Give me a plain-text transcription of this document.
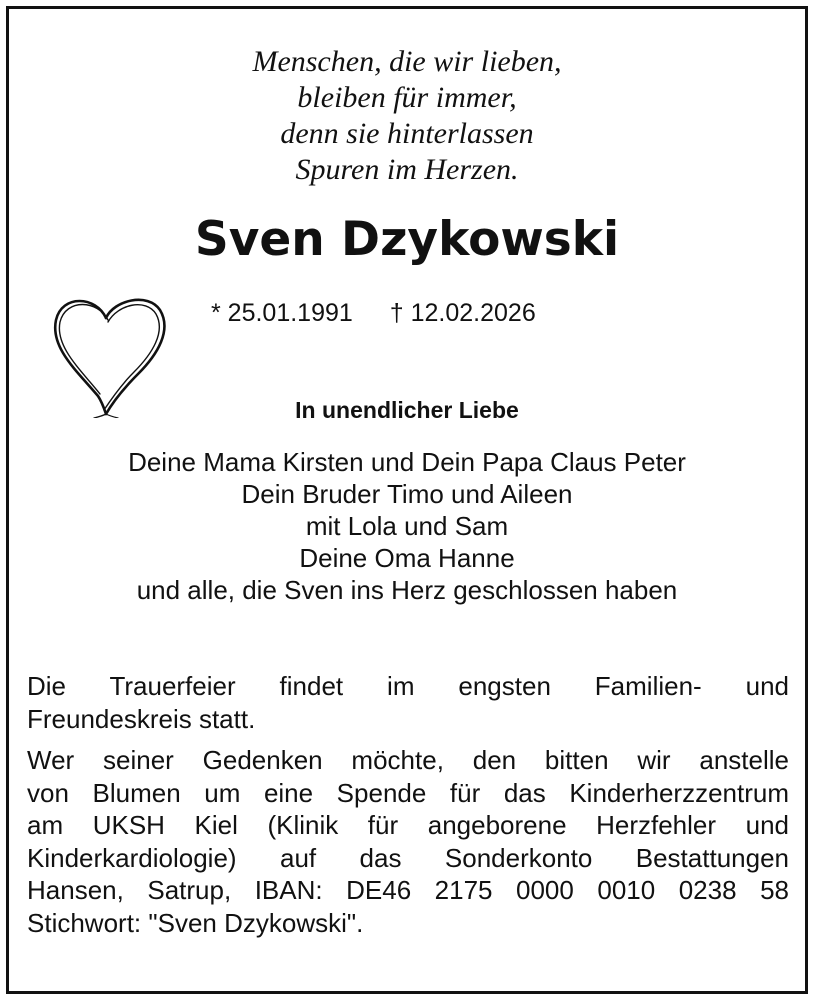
Menschen, die wir lieben,
bleiben für immer,
denn sie hinterlassen
Spuren im Herzen.
Sven Dzykowski
* 25.01.1991 † 12.02.2026
In unendlicher Liebe
Deine Mama Kirsten und Dein Papa Claus Peter
Dein Bruder Timo und Aileen
mit Lola und Sam
Deine Oma Hanne
und alle, die Sven ins Herz geschlossen haben
Die Trauerfeier findet im engsten Familien- und
Freundeskreis statt.
Wer seiner Gedenken möchte, den bitten wir anstelle
von Blumen um eine Spende für das Kinderherzzentrum
am UKSH Kiel (Klinik für angeborene Herzfehler und
Kinderkardiologie) auf das Sonderkonto Bestattungen
Hansen, Satrup, IBAN: DE46 2175 0000 0010 0238 58
Stichwort: "Sven Dzykowski".
